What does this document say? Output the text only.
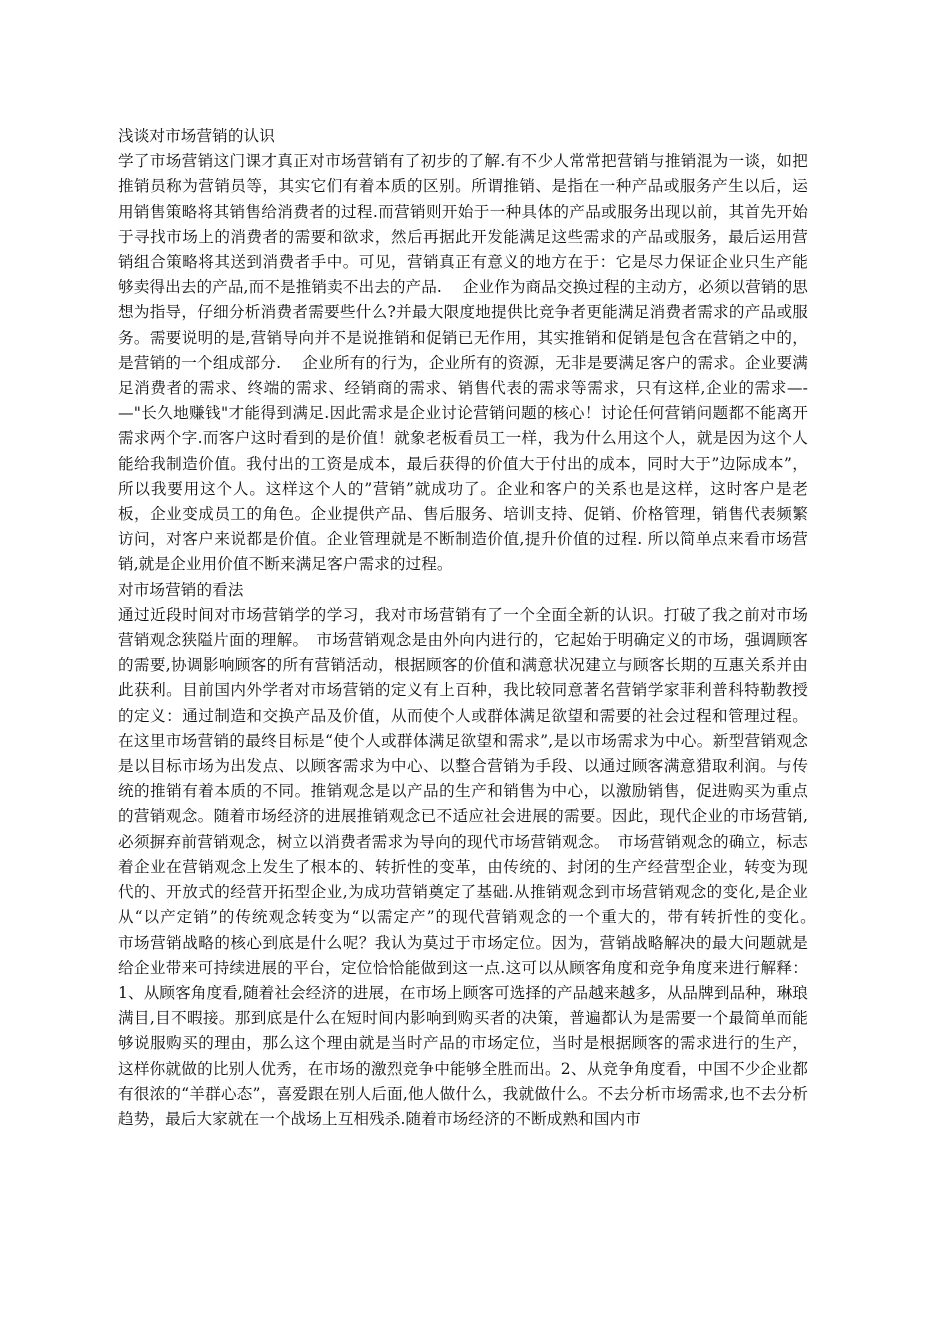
浅谈对市场营销的认识

学了市场营销这门课才真正对市场营销有了初步的了解.有不少人常常把营销与推销混为一谈，如把推销员称为营销员等，其实它们有着本质的区别。所谓推销、是指在一种产品或服务产生以后，运用销售策略将其销售给消费者的过程.而营销则开始于一种具体的产品或服务出现以前，其首先开始于寻找市场上的消费者的需要和欲求，然后再据此开发能满足这些需求的产品或服务，最后运用营销组合策略将其送到消费者手中。可见，营销真正有意义的地方在于：它是尽力保证企业只生产能够卖得出去的产品,而不是推销卖不出去的产品.　 企业作为商品交换过程的主动方，必须以营销的思想为指导，仔细分析消费者需要些什么?并最大限度地提供比竞争者更能满足消费者需求的产品或服务。需要说明的是,营销导向并不是说推销和促销已无作用，其实推销和促销是包含在营销之中的，是营销的一个组成部分.　 企业所有的行为，企业所有的资源，无非是要满足客户的需求。企业要满足消费者的需求、终端的需求、经销商的需求、销售代表的需求等需求，只有这样,企业的需求—-—"长久地赚钱"才能得到满足.因此需求是企业讨论营销问题的核心！讨论任何营销问题都不能离开需求两个字.而客户这时看到的是价值！就象老板看员工一样，我为什么用这个人，就是因为这个人能给我制造价值。我付出的工资是成本，最后获得的价值大于付出的成本，同时大于”边际成本”，所以我要用这个人。这样这个人的”营销”就成功了。企业和客户的关系也是这样，这时客户是老板，企业变成员工的角色。企业提供产品、售后服务、培训支持、促销、价格管理，销售代表频繁访问，对客户来说都是价值。企业管理就是不断制造价值,提升价值的过程. 所以简单点来看市场营销,就是企业用价值不断来满足客户需求的过程。

对市场营销的看法

通过近段时间对市场营销学的学习，我对市场营销有了一个全面全新的认识。打破了我之前对市场营销观念狭隘片面的理解。　市场营销观念是由外向内进行的，它起始于明确定义的市场，强调顾客的需要,协调影响顾客的所有营销活动，根据顾客的价值和满意状况建立与顾客长期的互惠关系并由此获利。目前国内外学者对市场营销的定义有上百种，我比较同意著名营销学家菲利普科特勒教授的定义：通过制造和交换产品及价值，从而使个人或群体满足欲望和需要的社会过程和管理过程。在这里市场营销的最终目标是“使个人或群体满足欲望和需求”,是以市场需求为中心。新型营销观念是以目标市场为出发点、以顾客需求为中心、以整合营销为手段、以通过顾客满意猎取利润。与传统的推销有着本质的不同。推销观念是以产品的生产和销售为中心，以激励销售，促进购买为重点的营销观念。随着市场经济的进展推销观念已不适应社会进展的需要。因此，现代企业的市场营销,必须摒弃前营销观念，树立以消费者需求为导向的现代市场营销观念。　市场营销观念的确立，标志着企业在营销观念上发生了根本的、转折性的变革，由传统的、封闭的生产经营型企业，转变为现代的、开放式的经营开拓型企业,为成功营销奠定了基础.从推销观念到市场营销观念的变化,是企业从“以产定销”的传统观念转变为“以需定产”的现代营销观念的一个重大的，带有转折性的变化。　　市场营销战略的核心到底是什么呢？我认为莫过于市场定位。因为，营销战略解决的最大问题就是给企业带来可持续进展的平台，定位恰恰能做到这一点.这可以从顾客角度和竞争角度来进行解释：1、从顾客角度看,随着社会经济的进展，在市场上顾客可选择的产品越来越多，从品牌到品种，琳琅满目,目不暇接。那到底是什么在短时间内影响到购买者的决策，普遍都认为是需要一个最简单而能够说服购买的理由，那么这个理由就是当时产品的市场定位，当时是根据顾客的需求进行的生产，这样你就做的比别人优秀，在市场的激烈竞争中能够全胜而出。2、从竞争角度看，中国不少企业都有很浓的“羊群心态”，喜爱跟在别人后面,他人做什么，我就做什么。不去分析市场需求,也不去分析趋势，最后大家就在一个战场上互相残杀.随着市场经济的不断成熟和国内市
